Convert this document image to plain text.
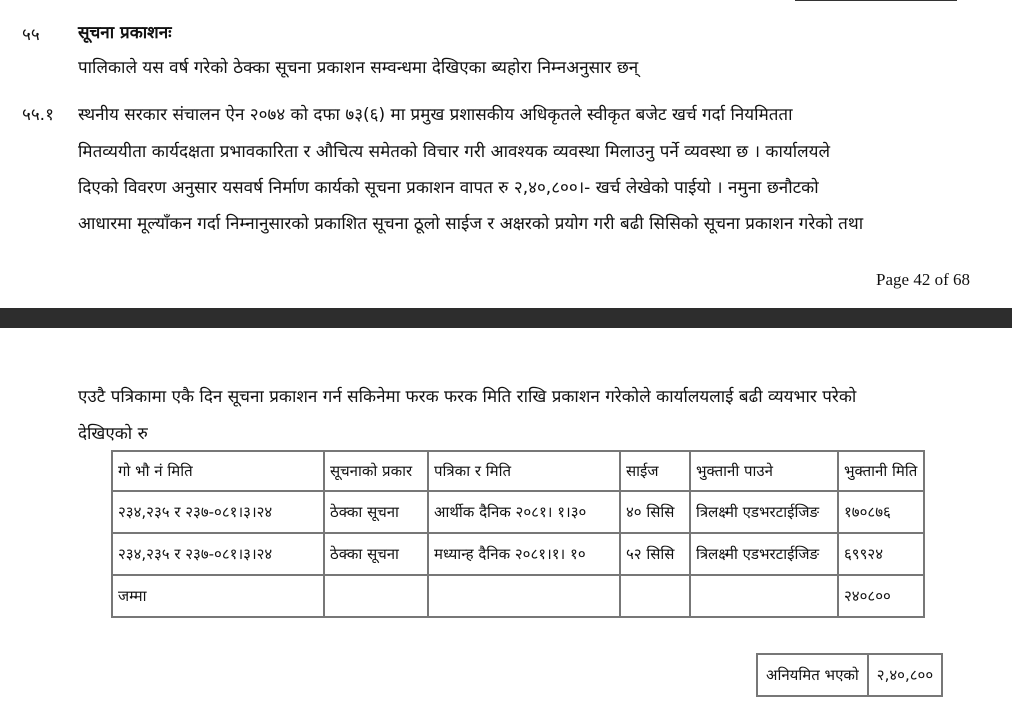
५५ सूचना प्रकाशनः
पालिकाले यस वर्ष गरेको ठेक्का सूचना प्रकाशन सम्वन्धमा देखिएका ब्यहोरा निम्नअनुसार छन्
५५.१ स्थनीय सरकार संचालन ऐन २०७४ को दफा ७३(६) मा प्रमुख प्रशासकीय अधिकृतले स्वीकृत बजेट खर्च गर्दा नियमितता
मितव्ययीता कार्यदक्षता प्रभावकारिता र औचित्य समेतको विचार गरी आवश्यक व्यवस्था मिलाउनु पर्ने व्यवस्था छ । कार्यालयले
दिएको विवरण अनुसार यसवर्ष निर्माण कार्यको सूचना प्रकाशन वापत रु २,४०,८००।- खर्च लेखेको पाईयो । नमुना छनौटको
आधारमा मूल्याँकन गर्दा निम्नानुसारको प्रकाशित सूचना ठूलो साईज र अक्षरको प्रयोग गरी बढी सिसिको सूचना प्रकाशन गरेको तथा
Page 42 of 68
एउटै पत्रिकामा एकै दिन सूचना प्रकाशन गर्न सकिनेमा फरक फरक मिति राखि प्रकाशन गरेकोले कार्यालयलाई बढी व्ययभार परेको
देखिएको रु
गो भौ नं मिति	सूचनाको प्रकार	पत्रिका र मिति	साईज	भुक्तानी पाउने	भुक्तानी मिति
२३४,२३५ र २३७-०८१।३।२४	ठेक्का सूचना	आर्थीक दैनिक २०८१। १।३०	४० सिसि	त्रिलक्ष्मी एडभरटाईजिङ	१७०८७६
२३४,२३५ र २३७-०८१।३।२४	ठेक्का सूचना	मध्यान्ह दैनिक २०८१।१। १०	५२ सिसि	त्रिलक्ष्मी एडभरटाईजिङ	६९९२४
जम्मा					२४०८००
अनियमित भएको	२,४०,८००
